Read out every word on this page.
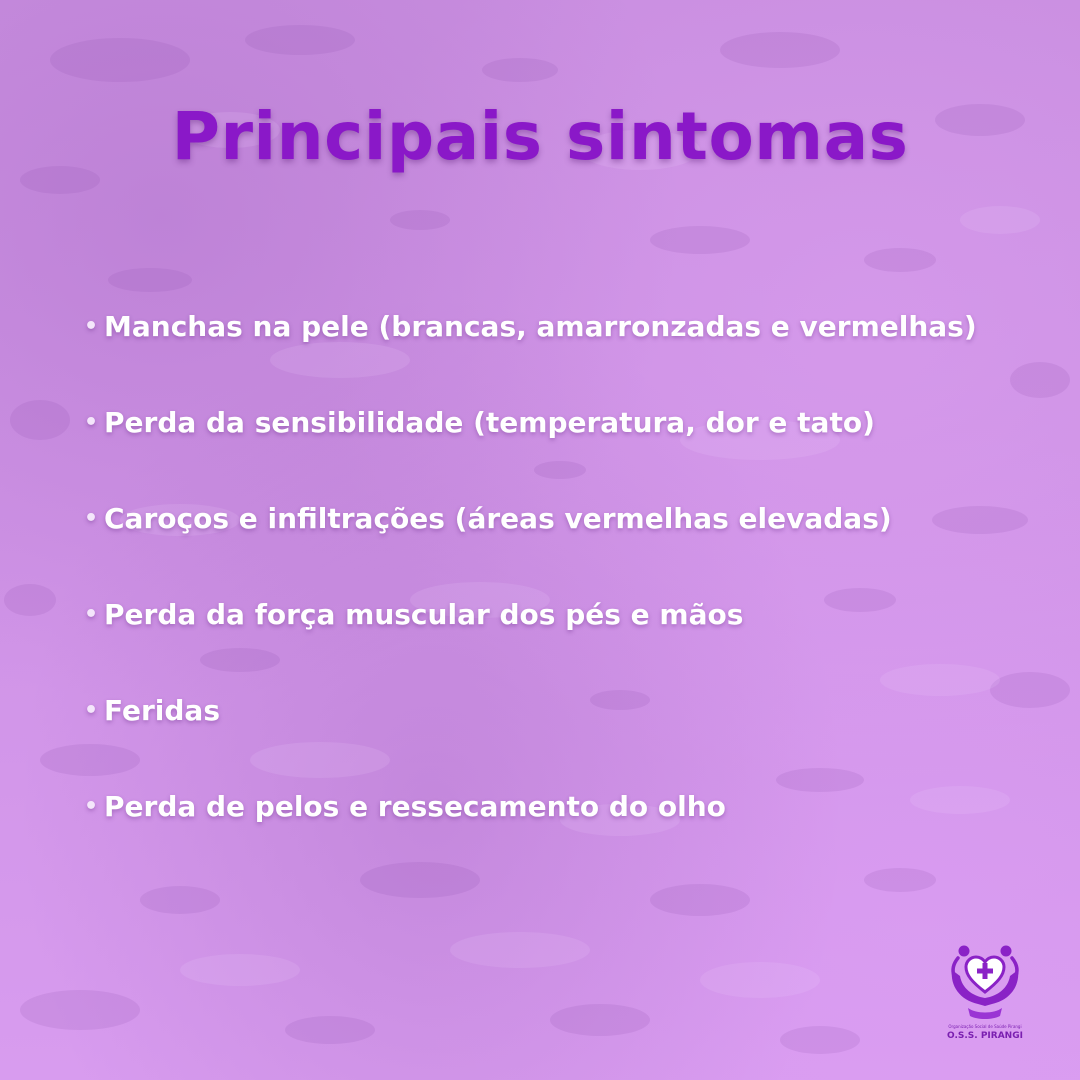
Principais sintomas
• Manchas na pele (brancas, amarronzadas e vermelhas)
• Perda da sensibilidade (temperatura, dor e tato)
• Caroços e infiltrações (áreas vermelhas elevadas)
• Perda da força muscular dos pés e mãos
• Feridas
• Perda de pelos e ressecamento do olho
Organização Social de Saúde Pirangi
O.S.S. PIRANGI
